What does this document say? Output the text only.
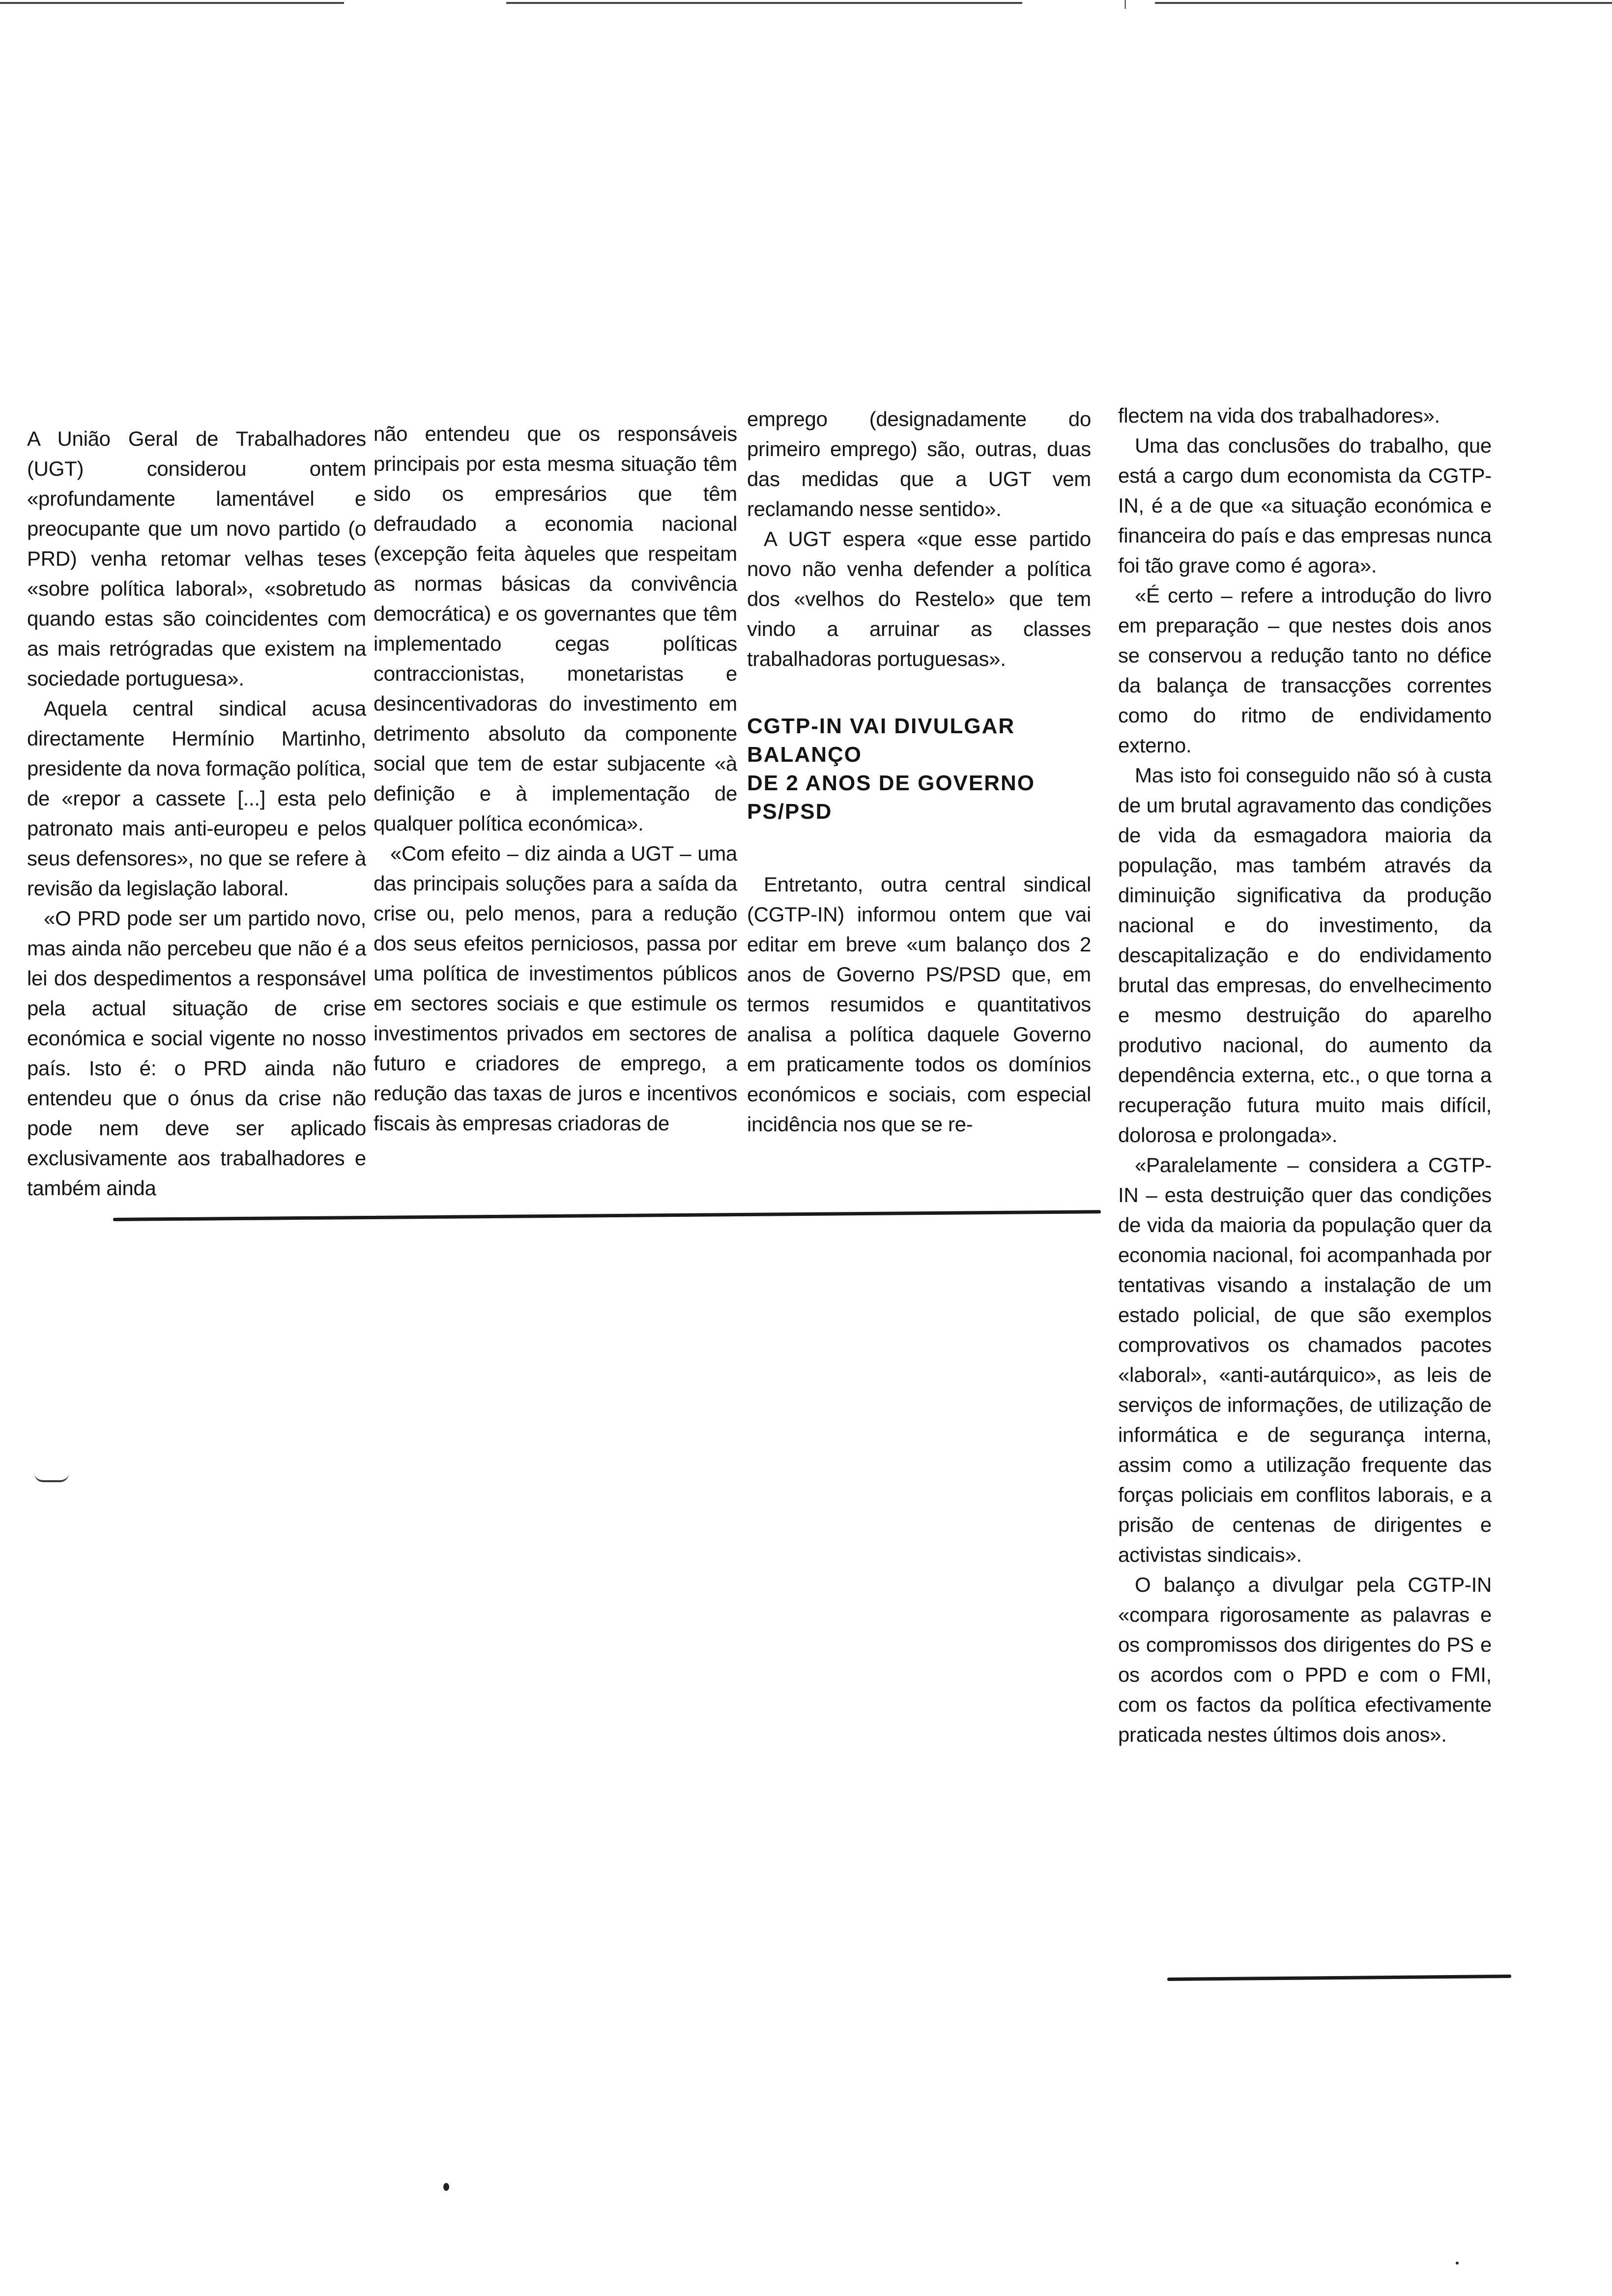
I

A União Geral de Trabalhadores (UGT) considerou ontem «profundamente lamentável e preocupante que um novo partido (o PRD) venha retomar velhas teses «sobre política laboral», «sobretudo quando estas são coincidentes com as mais retrógradas que existem na sociedade portuguesa».

Aquela central sindical acusa directamente Hermínio Martinho, presidente da nova formação política, de «repor a cassete [...] esta pelo patronato mais anti-europeu e pelos seus defensores», no que se refere à revisão da legislação laboral.

«O PRD pode ser um partido novo, mas ainda não percebeu que não é a lei dos despedimentos a responsável pela actual situação de crise económica e social vigente no nosso país. Isto é: o PRD ainda não entendeu que o ónus da crise não pode nem deve ser aplicado exclusivamente aos trabalhadores e também ainda

não entendeu que os responsáveis principais por esta mesma situação têm sido os empresários que têm defraudado a economia nacional (excepção feita àqueles que respeitam as normas básicas da convivência democrática) e os governantes que têm implementado cegas políticas contraccionistas, monetaristas e desincentivadoras do investimento em detrimento absoluto da componente social que tem de estar subjacente «à definição e à implementação de qualquer política económica».

«Com efeito – diz ainda a UGT – uma das principais soluções para a saída da crise ou, pelo menos, para a redução dos seus efeitos perniciosos, passa por uma política de investimentos públicos em sectores sociais e que estimule os investimentos privados em sectores de futuro e criadores de emprego, a redução das taxas de juros e incentivos fiscais às empresas criadoras de

emprego (designadamente do primeiro emprego) são, outras, duas das medidas que a UGT vem reclamando nesse sentido».

A UGT espera «que esse partido novo não venha defender a política dos «velhos do Restelo» que tem vindo a arruinar as classes trabalhadoras portuguesas».

CGTP-IN VAI DIVULGAR
BALANÇO
DE 2 ANOS DE GOVERNO
PS/PSD

Entretanto, outra central sindical (CGTP-IN) informou ontem que vai editar em breve «um balanço dos 2 anos de Governo PS/PSD que, em termos resumidos e quantitativos analisa a política daquele Governo em praticamente todos os domínios económicos e sociais, com especial incidência nos que se re-

flectem na vida dos trabalhadores».

Uma das conclusões do trabalho, que está a cargo dum economista da CGTP-IN, é a de que «a situação económica e financeira do país e das empresas nunca foi tão grave como é agora».

«É certo – refere a introdução do livro em preparação – que nestes dois anos se conservou a redução tanto no défice da balança de transacções correntes como do ritmo de endividamento externo.

Mas isto foi conseguido não só à custa de um brutal agravamento das condições de vida da esmagadora maioria da população, mas também através da diminuição significativa da produção nacional e do investimento, da descapitalização e do endividamento brutal das empresas, do envelhecimento e mesmo destruição do aparelho produtivo nacional, do aumento da dependência externa, etc., o que torna a recuperação futura muito mais difícil, dolorosa e prolongada».

«Paralelamente – considera a CGTP-IN – esta destruição quer das condições de vida da maioria da população quer da economia nacional, foi acompanhada por tentativas visando a instalação de um estado policial, de que são exemplos comprovativos os chamados pacotes «laboral», «anti-autárquico», as leis de serviços de informações, de utilização de informática e de segurança interna, assim como a utilização frequente das forças policiais em conflitos laborais, e a prisão de centenas de dirigentes e activistas sindicais».

O balanço a divulgar pela CGTP-IN «compara rigorosamente as palavras e os compromissos dos dirigentes do PS e os acordos com o PPD e com o FMI, com os factos da política efectivamente praticada nestes últimos dois anos».
